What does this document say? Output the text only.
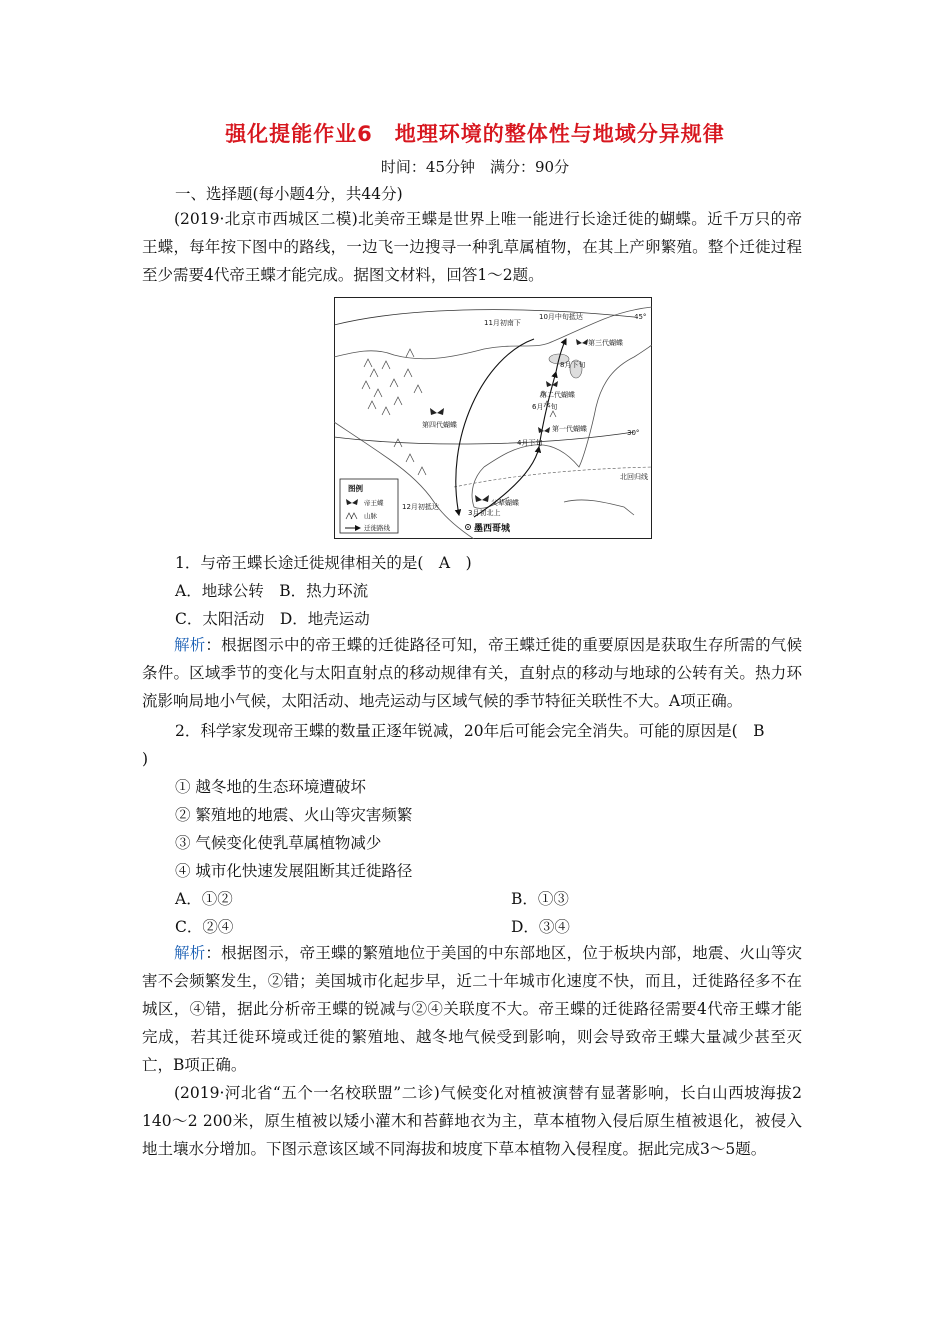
强化提能作业6　地理环境的整体性与地域分异规律
时间：45分钟　满分：90分
一、选择题(每小题4分，共44分)
(2019·北京市西城区二模)北美帝王蝶是世界上唯一能进行长途迁徙的蝴蝶。近千万只的帝王蝶，每年按下图中的路线，一边飞一边搜寻一种乳草属植物，在其上产卵繁殖。整个迁徙过程至少需要4代帝王蝶才能完成。据图文材料，回答1～2题。
11月初南下
10月中旬抵达	45°
第三代蝴蝶
8月下旬
第二代蝴蝶
6月下旬
第四代蝴蝶	第一代蝴蝶
4月下旬
30°
北回归线
父辈蝴蝶
3月初北上
12月初抵达
墨西哥城
图例
帝王蝶
山脉
迁徙路线
1．与帝王蝶长途迁徙规律相关的是(　A　)
A．地球公转　B．热力环流
C．太阳活动　D．地壳运动
解析：根据图示中的帝王蝶的迁徙路径可知，帝王蝶迁徙的重要原因是获取生存所需的气候条件。区域季节的变化与太阳直射点的移动规律有关，直射点的移动与地球的公转有关。热力环流影响局地小气候，太阳活动、地壳运动与区域气候的季节特征关联性不大。A项正确。
2．科学家发现帝王蝶的数量正逐年锐减，20年后可能会完全消失。可能的原因是(　B
)
① 越冬地的生态环境遭破坏
② 繁殖地的地震、火山等灾害频繁
③ 气候变化使乳草属植物减少
④ 城市化快速发展阻断其迁徙路径
A．①②	B．①③
C．②④	D．③④
解析：根据图示，帝王蝶的繁殖地位于美国的中东部地区，位于板块内部，地震、火山等灾害不会频繁发生，②错；美国城市化起步早，近二十年城市化速度不快，而且，迁徙路径多不在城区，④错，据此分析帝王蝶的锐减与②④关联度不大。帝王蝶的迁徙路径需要4代帝王蝶才能完成，若其迁徙环境或迁徙的繁殖地、越冬地气候受到影响，则会导致帝王蝶大量减少甚至灭亡，B项正确。
(2019·河北省“五个一名校联盟”二诊)气候变化对植被演替有显著影响，长白山西坡海拔2 140～2 200米，原生植被以矮小灌木和苔藓地衣为主，草本植物入侵后原生植被退化，被侵入地土壤水分增加。下图示意该区域不同海拔和坡度下草本植物入侵程度。据此完成3～5题。
